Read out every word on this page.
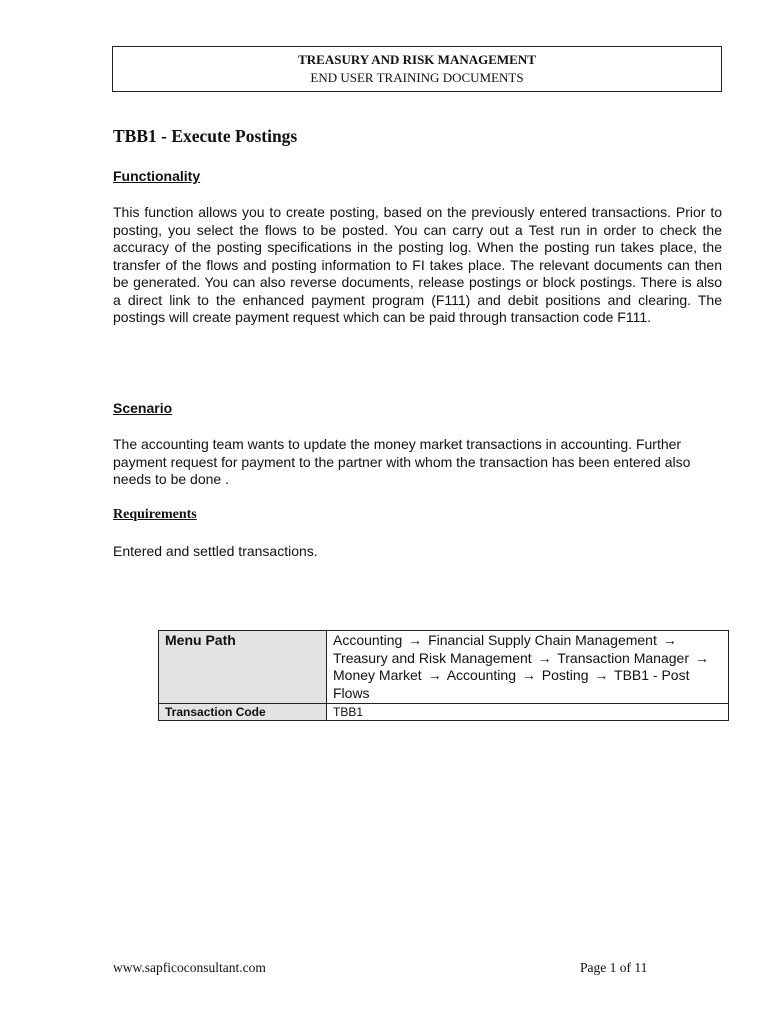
TREASURY AND RISK MANAGEMENT
END USER TRAINING DOCUMENTS
TBB1 - Execute Postings
Functionality

This function allows you to create posting, based on the previously entered transactions. Prior to posting, you select the flows to be posted. You can carry out a Test run in order to check the accuracy of the posting specifications in the posting log. When the posting run takes place, the transfer of the flows and posting information to FI takes place. The relevant documents can then be generated. You can also reverse documents, release postings or block postings. There is also a direct link to the enhanced payment program (F111) and debit positions and clearing. The postings will create payment request which can be paid through transaction code F111.

Scenario

The accounting team wants to update the money market transactions in accounting. Further payment request for payment to the partner with whom the transaction has been entered also needs to be done .

Requirements

Entered and settled transactions.

Menu Path	Accounting → Financial Supply Chain Management → Treasury and Risk Management → Transaction Manager → Money Market → Accounting → Posting → TBB1 - Post Flows
Transaction Code	TBB1
www.sapficoconsultant.com	Page 1 of 11
